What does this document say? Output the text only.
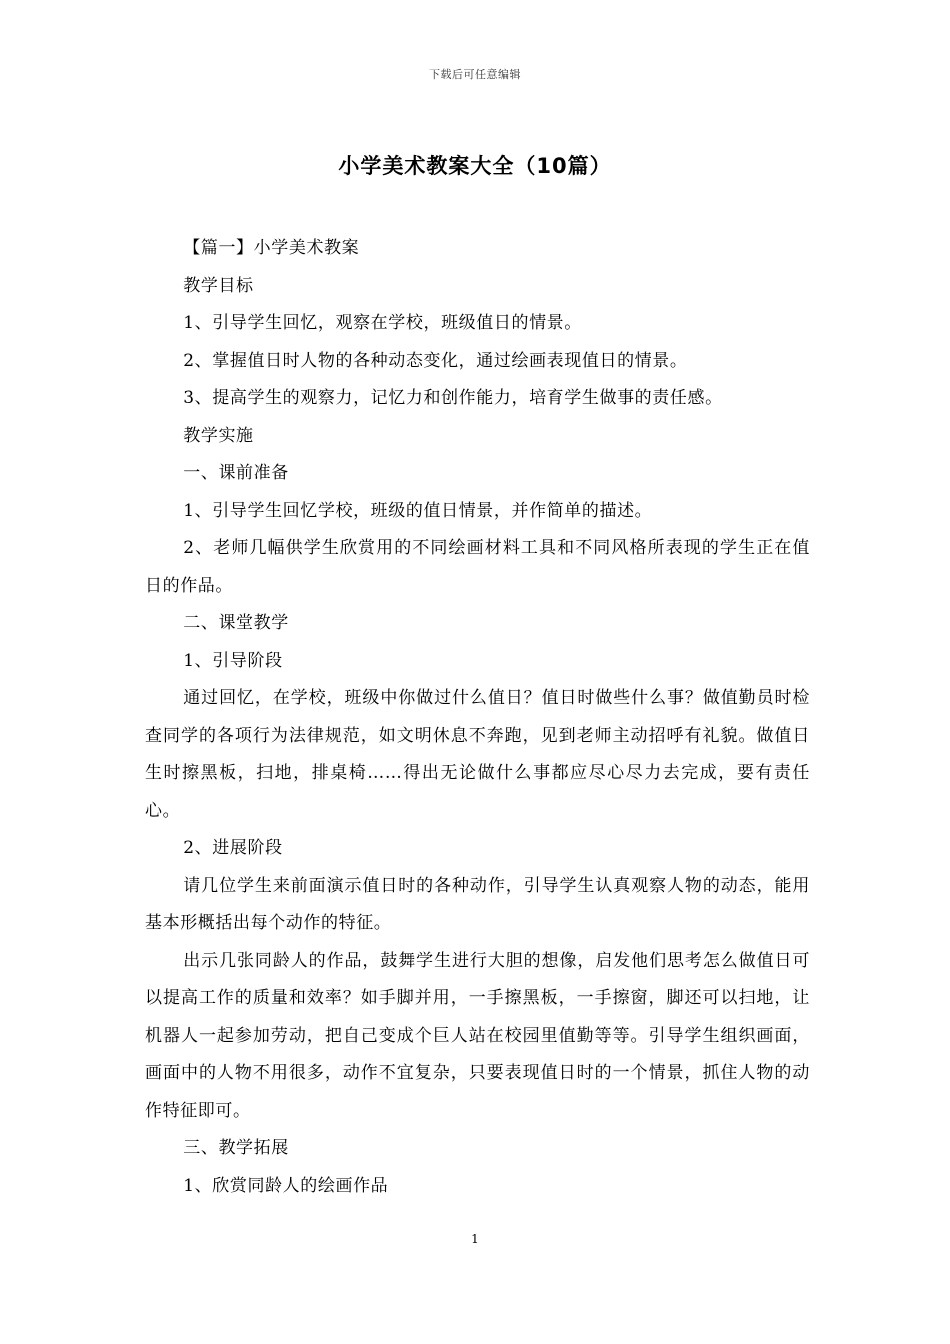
下载后可任意编辑
小学美术教案大全（10篇）

【篇一】小学美术教案

教学目标

1、引导学生回忆，观察在学校，班级值日的情景。

2、掌握值日时人物的各种动态变化，通过绘画表现值日的情景。

3、提高学生的观察力，记忆力和创作能力，培育学生做事的责任感。

教学实施

一、课前准备

1、引导学生回忆学校，班级的值日情景，并作简单的描述。

2、老师几幅供学生欣赏用的不同绘画材料工具和不同风格所表现的学生正在值日的作品。

二、课堂教学

1、引导阶段

通过回忆，在学校，班级中你做过什么值日？值日时做些什么事？做值勤员时检查同学的各项行为法律规范，如文明休息不奔跑，见到老师主动招呼有礼貌。做值日生时擦黑板，扫地，排桌椅……得出无论做什么事都应尽心尽力去完成，要有责任心。

2、进展阶段

请几位学生来前面演示值日时的各种动作，引导学生认真观察人物的动态，能用基本形概括出每个动作的特征。

出示几张同龄人的作品，鼓舞学生进行大胆的想像，启发他们思考怎么做值日可以提高工作的质量和效率？如手脚并用，一手擦黑板，一手擦窗，脚还可以扫地，让机器人一起参加劳动，把自己变成个巨人站在校园里值勤等等。引导学生组织画面，画面中的人物不用很多，动作不宜复杂，只要表现值日时的一个情景，抓住人物的动作特征即可。

三、教学拓展

1、欣赏同龄人的绘画作品

1
